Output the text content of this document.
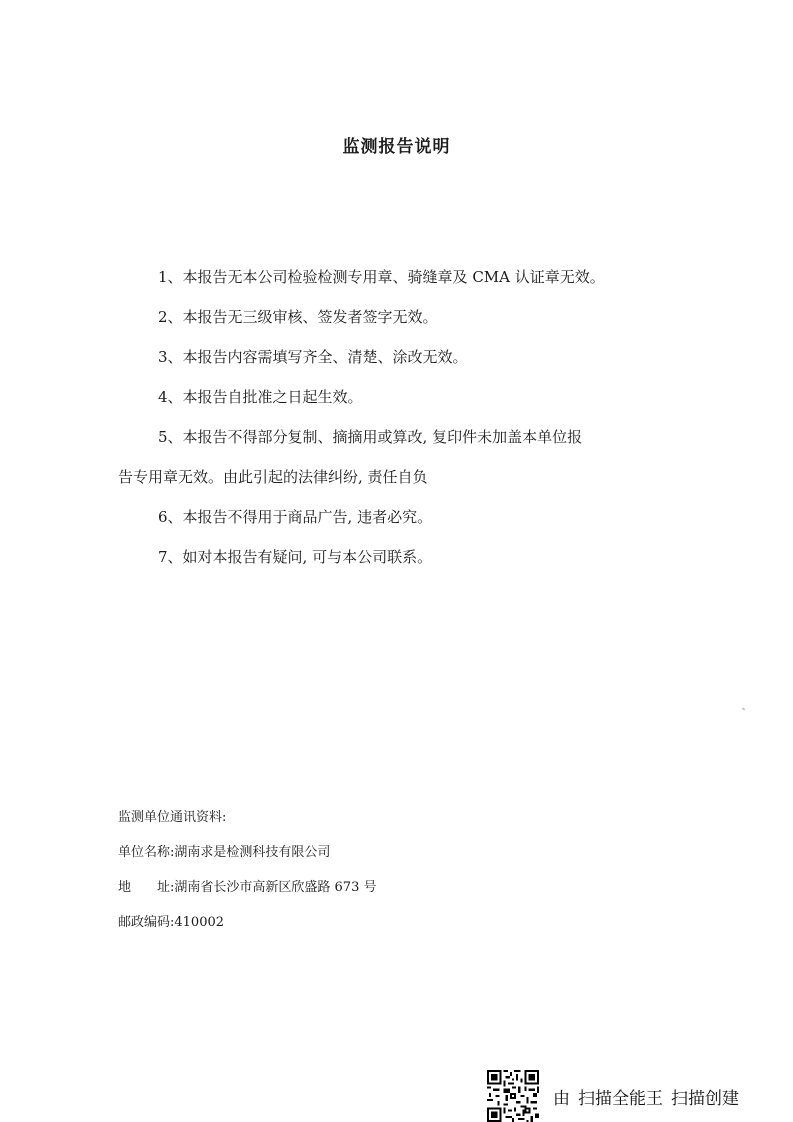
监测报告说明

1、本报告无本公司检验检测专用章、骑缝章及 CMA 认证章无效。

2、本报告无三级审核、签发者签字无效。

3、本报告内容需填写齐全、清楚、涂改无效。

4、本报告自批准之日起生效。

5、本报告不得部分复制、摘摘用或算改, 复印件未加盖本单位报

告专用章无效。由此引起的法律纠纷, 责任自负

6、本报告不得用于商品广告, 违者必究。

7、如对本报告有疑问, 可与本公司联系。

监测单位通讯资料:

单位名称:湖南求是检测科技有限公司

地　　址:湖南省长沙市高新区欣盛路 673 号

邮政编码:410002

由 扫描全能王 扫描创建
